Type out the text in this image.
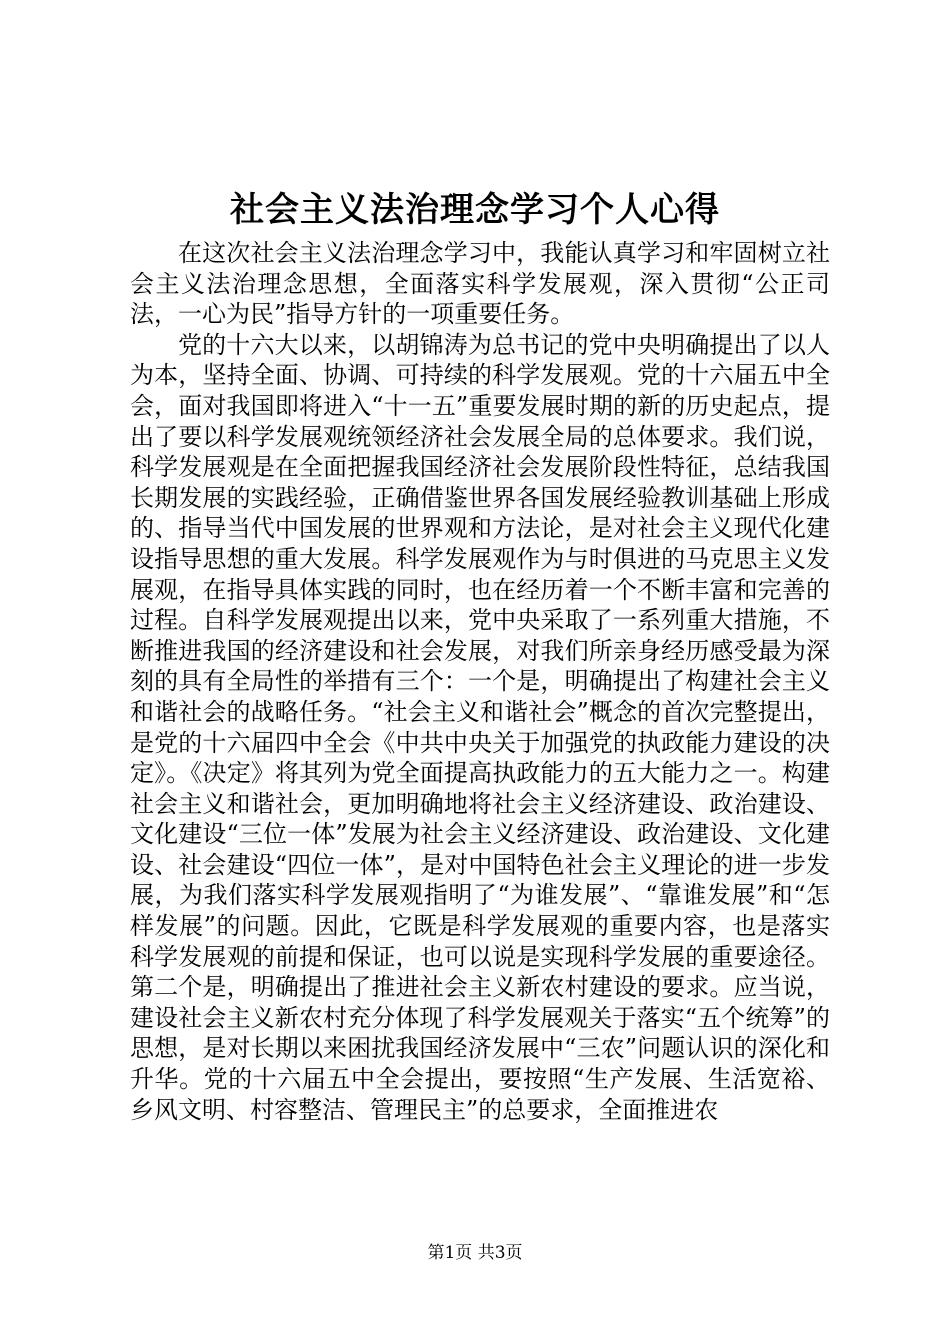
社会主义法治理念学习个人心得

在这次社会主义法治理念学习中，我能认真学习和牢固树立社会主义法治理念思想，全面落实科学发展观，深入贯彻“公正司法，一心为民”指导方针的一项重要任务。

党的十六大以来，以胡锦涛为总书记的党中央明确提出了以人为本，坚持全面、协调、可持续的科学发展观。党的十六届五中全会，面对我国即将进入“十一五”重要发展时期的新的历史起点，提出了要以科学发展观统领经济社会发展全局的总体要求。我们说，科学发展观是在全面把握我国经济社会发展阶段性特征，总结我国长期发展的实践经验，正确借鉴世界各国发展经验教训基础上形成的、指导当代中国发展的世界观和方法论，是对社会主义现代化建设指导思想的重大发展。科学发展观作为与时俱进的马克思主义发展观，在指导具体实践的同时，也在经历着一个不断丰富和完善的过程。自科学发展观提出以来，党中央采取了一系列重大措施，不断推进我国的经济建设和社会发展，对我们所亲身经历感受最为深刻的具有全局性的举措有三个：一个是，明确提出了构建社会主义和谐社会的战略任务。“社会主义和谐社会”概念的首次完整提出，是党的十六届四中全会《中共中央关于加强党的执政能力建设的决定》。《决定》将其列为党全面提高执政能力的五大能力之一。构建社会主义和谐社会，更加明确地将社会主义经济建设、政治建设、文化建设“三位一体”发展为社会主义经济建设、政治建设、文化建设、社会建设“四位一体”，是对中国特色社会主义理论的进一步发展，为我们落实科学发展观指明了“为谁发展”、“靠谁发展”和“怎样发展”的问题。因此，它既是科学发展观的重要内容，也是落实科学发展观的前提和保证，也可以说是实现科学发展的重要途径。第二个是，明确提出了推进社会主义新农村建设的要求。应当说，建设社会主义新农村充分体现了科学发展观关于落实“五个统筹”的思想，是对长期以来困扰我国经济发展中“三农”问题认识的深化和升华。党的十六届五中全会提出，要按照“生产发展、生活宽裕、乡风文明、村容整洁、管理民主”的总要求，全面推进农

第1页 共3页
